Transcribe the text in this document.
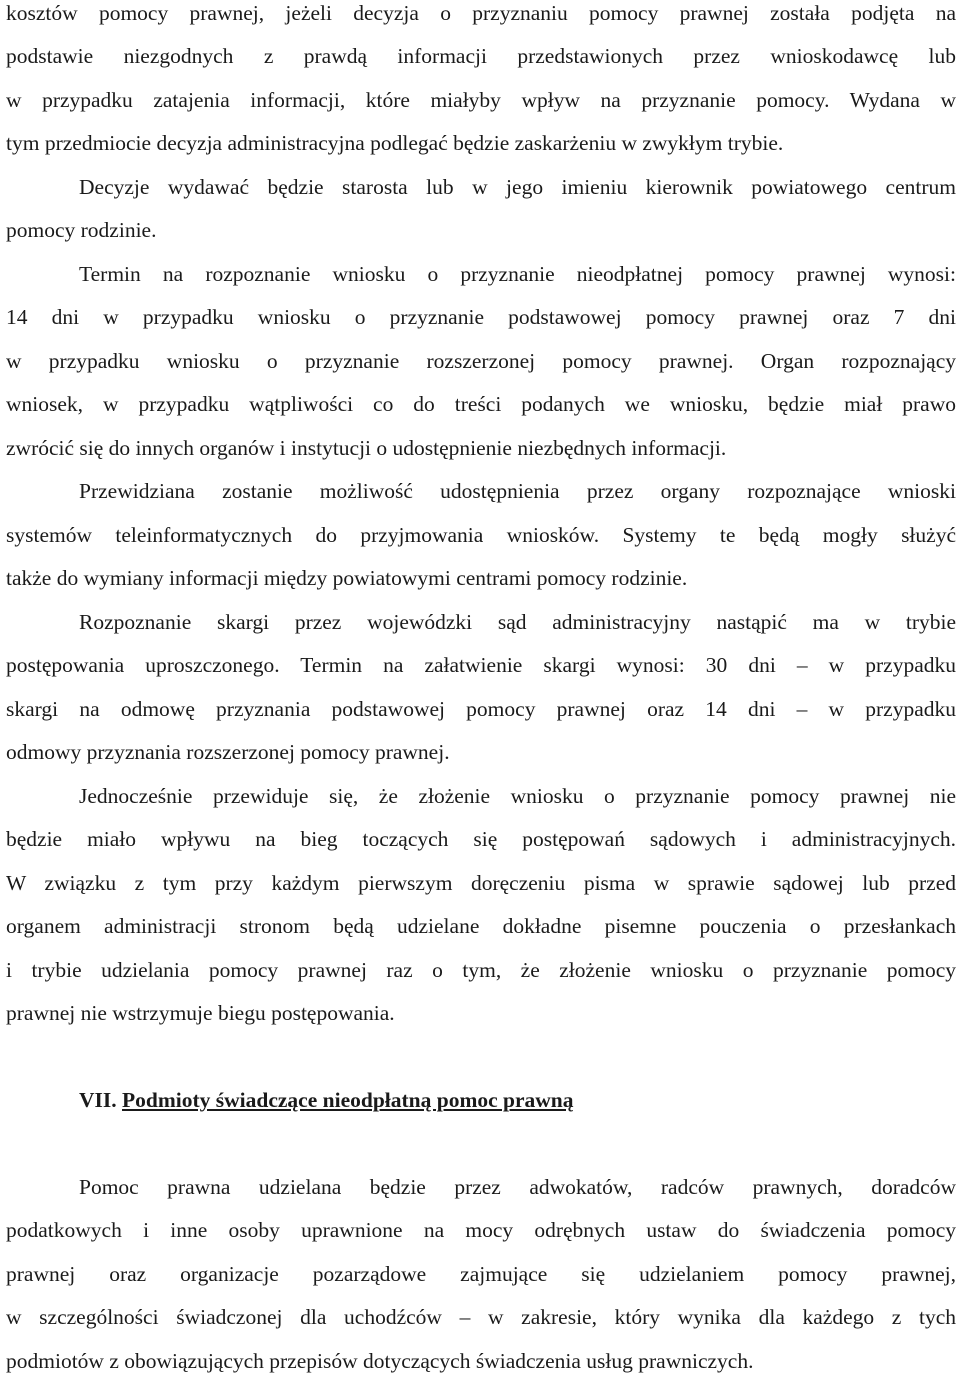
kosztów pomocy prawnej, jeżeli decyzja o przyznaniu pomocy prawnej została podjęta na
podstawie niezgodnych z prawdą informacji przedstawionych przez wnioskodawcę lub
w przypadku zatajenia informacji, które miałyby wpływ na przyznanie pomocy. Wydana w
tym przedmiocie decyzja administracyjna podlegać będzie zaskarżeniu w zwykłym trybie.
Decyzje wydawać będzie starosta lub w jego imieniu kierownik powiatowego centrum
pomocy rodzinie.
Termin na rozpoznanie wniosku o przyznanie nieodpłatnej pomocy prawnej wynosi:
14 dni w przypadku wniosku o przyznanie podstawowej pomocy prawnej oraz 7 dni
w przypadku wniosku o przyznanie rozszerzonej pomocy prawnej. Organ rozpoznający
wniosek, w przypadku wątpliwości co do treści podanych we wniosku, będzie miał prawo
zwrócić się do innych organów i instytucji o udostępnienie niezbędnych informacji.
Przewidziana zostanie możliwość udostępnienia przez organy rozpoznające wnioski
systemów teleinformatycznych do przyjmowania wniosków. Systemy te będą mogły służyć
także do wymiany informacji między powiatowymi centrami pomocy rodzinie.
Rozpoznanie skargi przez wojewódzki sąd administracyjny nastąpić ma w trybie
postępowania uproszczonego. Termin na załatwienie skargi wynosi: 30 dni – w przypadku
skargi na odmowę przyznania podstawowej pomocy prawnej oraz 14 dni – w przypadku
odmowy przyznania rozszerzonej pomocy prawnej.
Jednocześnie przewiduje się, że złożenie wniosku o przyznanie pomocy prawnej nie
będzie miało wpływu na bieg toczących się postępowań sądowych i administracyjnych.
W związku z tym przy każdym pierwszym doręczeniu pisma w sprawie sądowej lub przed
organem administracji stronom będą udzielane dokładne pisemne pouczenia o przesłankach
i trybie udzielania pomocy prawnej raz o tym, że złożenie wniosku o przyznanie pomocy
prawnej nie wstrzymuje biegu postępowania.
VII. Podmioty świadczące nieodpłatną pomoc prawną
Pomoc prawna udzielana będzie przez adwokatów, radców prawnych, doradców
podatkowych i inne osoby uprawnione na mocy odrębnych ustaw do świadczenia pomocy
prawnej oraz organizacje pozarządowe zajmujące się udzielaniem pomocy prawnej,
w szczególności świadczonej dla uchodźców – w zakresie, który wynika dla każdego z tych
podmiotów z obowiązujących przepisów dotyczących świadczenia usług prawniczych.
